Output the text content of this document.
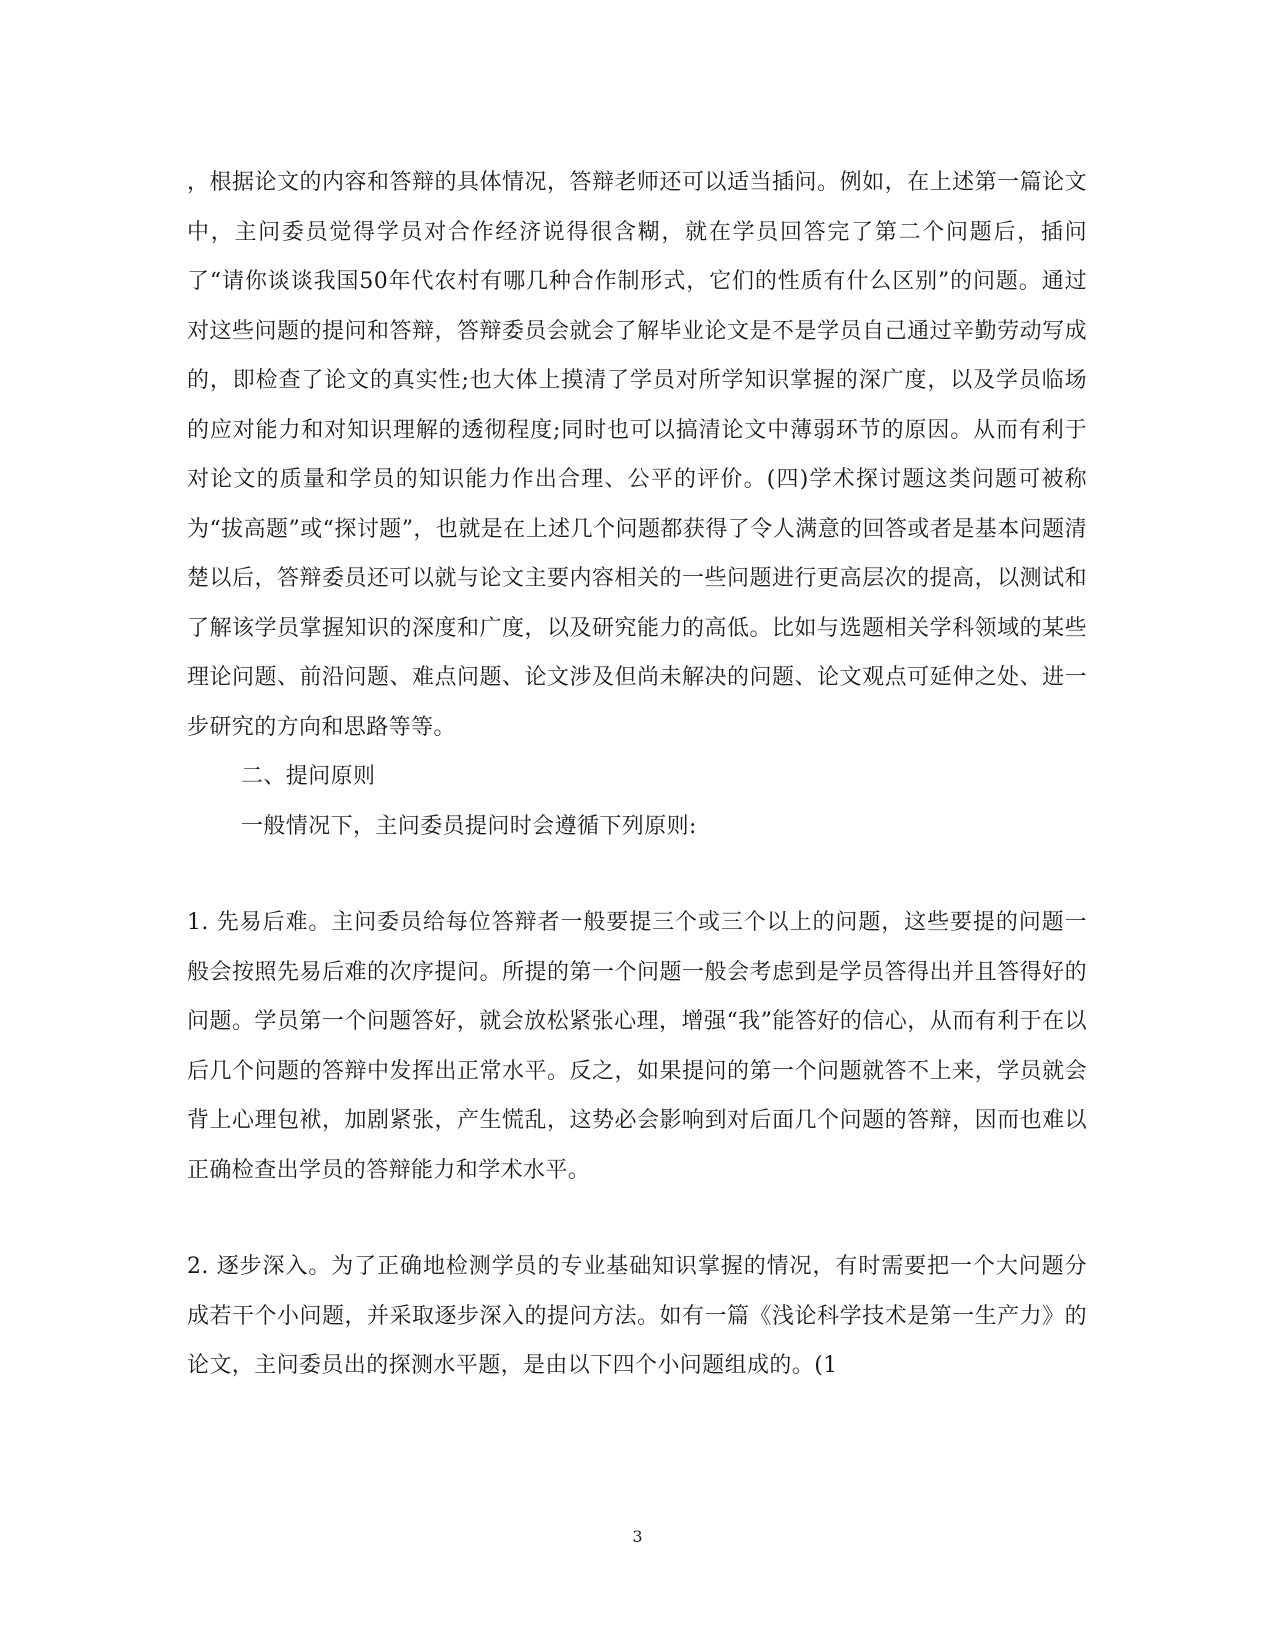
，根据论文的内容和答辩的具体情况，答辩老师还可以适当插问。例如，在上述第一篇论文中，主问委员觉得学员对合作经济说得很含糊，就在学员回答完了第二个问题后，插问了“请你谈谈我国50年代农村有哪几种合作制形式，它们的性质有什么区别”的问题。通过对这些问题的提问和答辩，答辩委员会就会了解毕业论文是不是学员自己通过辛勤劳动写成的，即检查了论文的真实性;也大体上摸清了学员对所学知识掌握的深广度，以及学员临场的应对能力和对知识理解的透彻程度;同时也可以搞清论文中薄弱环节的原因。从而有利于对论文的质量和学员的知识能力作出合理、公平的评价。(四)学术探讨题这类问题可被称为“拔高题”或“探讨题”，也就是在上述几个问题都获得了令人满意的回答或者是基本问题清楚以后，答辩委员还可以就与论文主要内容相关的一些问题进行更高层次的提高，以测试和了解该学员掌握知识的深度和广度，以及研究能力的高低。比如与选题相关学科领域的某些理论问题、前沿问题、难点问题、论文涉及但尚未解决的问题、论文观点可延伸之处、进一步研究的方向和思路等等。

二、提问原则

一般情况下，主问委员提问时会遵循下列原则:

1. 先易后难。主问委员给每位答辩者一般要提三个或三个以上的问题，这些要提的问题一般会按照先易后难的次序提问。所提的第一个问题一般会考虑到是学员答得出并且答得好的问题。学员第一个问题答好，就会放松紧张心理，增强“我”能答好的信心，从而有利于在以后几个问题的答辩中发挥出正常水平。反之，如果提问的第一个问题就答不上来，学员就会背上心理包袱，加剧紧张，产生慌乱，这势必会影响到对后面几个问题的答辩，因而也难以正确检查出学员的答辩能力和学术水平。

2. 逐步深入。为了正确地检测学员的专业基础知识掌握的情况，有时需要把一个大问题分成若干个小问题，并采取逐步深入的提问方法。如有一篇《浅论科学技术是第一生产力》的论文，主问委员出的探测水平题，是由以下四个小问题组成的。(1

3
